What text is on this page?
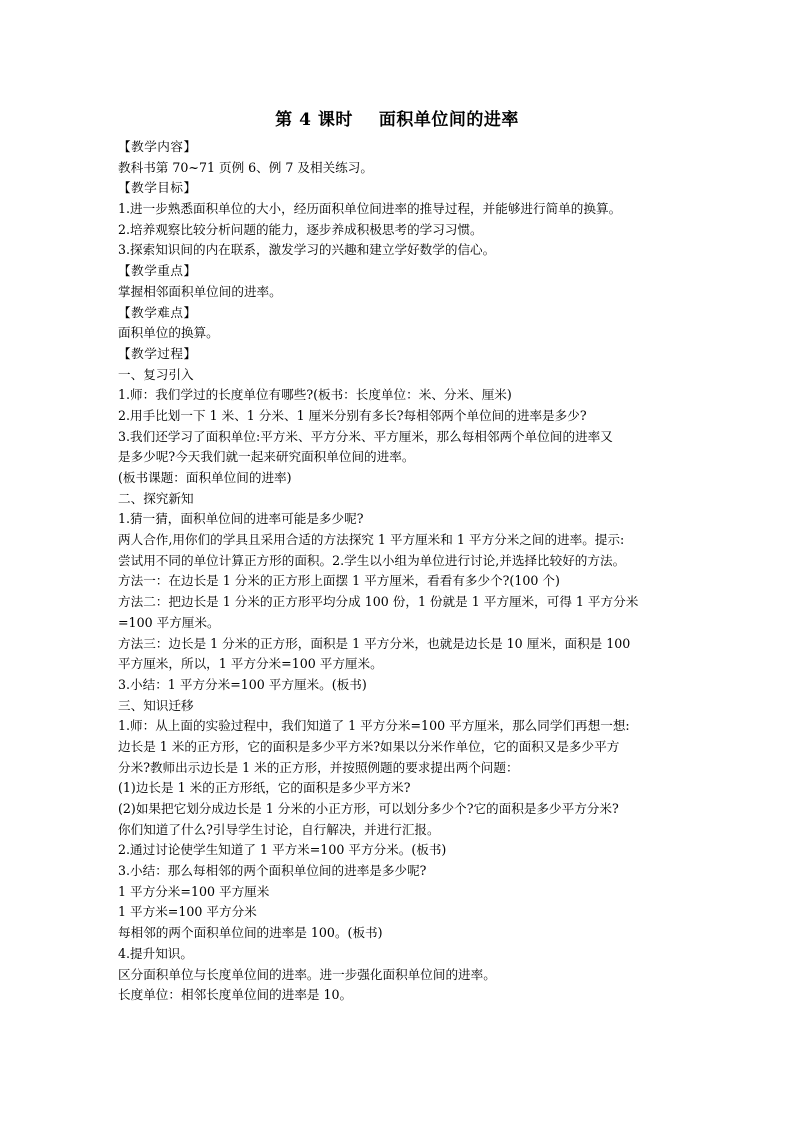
第 4 课时 面积单位间的进率
【教学内容】
教科书第 70~71 页例 6、例 7 及相关练习。
【教学目标】
1.进一步熟悉面积单位的大小，经历面积单位间进率的推导过程，并能够进行简单的换算。
2.培养观察比较分析问题的能力，逐步养成积极思考的学习习惯。
3.探索知识间的内在联系，激发学习的兴趣和建立学好数学的信心。
【教学重点】
掌握相邻面积单位间的进率。
【教学难点】
面积单位的换算。
【教学过程】
一、复习引入
1.师：我们学过的长度单位有哪些?(板书：长度单位：米、分米、厘米)
2.用手比划一下 1 米、1 分米、1 厘米分别有多长?每相邻两个单位间的进率是多少?
3.我们还学习了面积单位:平方米、平方分米、平方厘米，那么每相邻两个单位间的进率又
是多少呢?今天我们就一起来研究面积单位间的进率。
(板书课题：面积单位间的进率)
二、探究新知
1.猜一猜，面积单位间的进率可能是多少呢?
两人合作,用你们的学具且采用合适的方法探究 1 平方厘米和 1 平方分米之间的进率。提示:
尝试用不同的单位计算正方形的面积。2.学生以小组为单位进行讨论,并选择比较好的方法。
方法一：在边长是 1 分米的正方形上面摆 1 平方厘米，看看有多少个?(100 个)
方法二：把边长是 1 分米的正方形平均分成 100 份，1 份就是 1 平方厘米，可得 1 平方分米
=100 平方厘米。
方法三：边长是 1 分米的正方形，面积是 1 平方分米，也就是边长是 10 厘米，面积是 100
平方厘米，所以，1 平方分米=100 平方厘米。
3.小结：1 平方分米=100 平方厘米。(板书)
三、知识迁移
1.师：从上面的实验过程中，我们知道了 1 平方分米=100 平方厘米，那么同学们再想一想:
边长是 1 米的正方形，它的面积是多少平方米?如果以分米作单位，它的面积又是多少平方
分米?教师出示边长是 1 米的正方形，并按照例题的要求提出两个问题：
(1)边长是 1 米的正方形纸，它的面积是多少平方米?
(2)如果把它划分成边长是 1 分米的小正方形，可以划分多少个?它的面积是多少平方分米?
你们知道了什么?引导学生讨论，自行解决，并进行汇报。
2.通过讨论使学生知道了 1 平方米=100 平方分米。(板书)
3.小结：那么每相邻的两个面积单位间的进率是多少呢?
1 平方分米=100 平方厘米
1 平方米=100 平方分米
每相邻的两个面积单位间的进率是 100。(板书)
4.提升知识。
区分面积单位与长度单位间的进率。进一步强化面积单位间的进率。
长度单位：相邻长度单位间的进率是 10。
